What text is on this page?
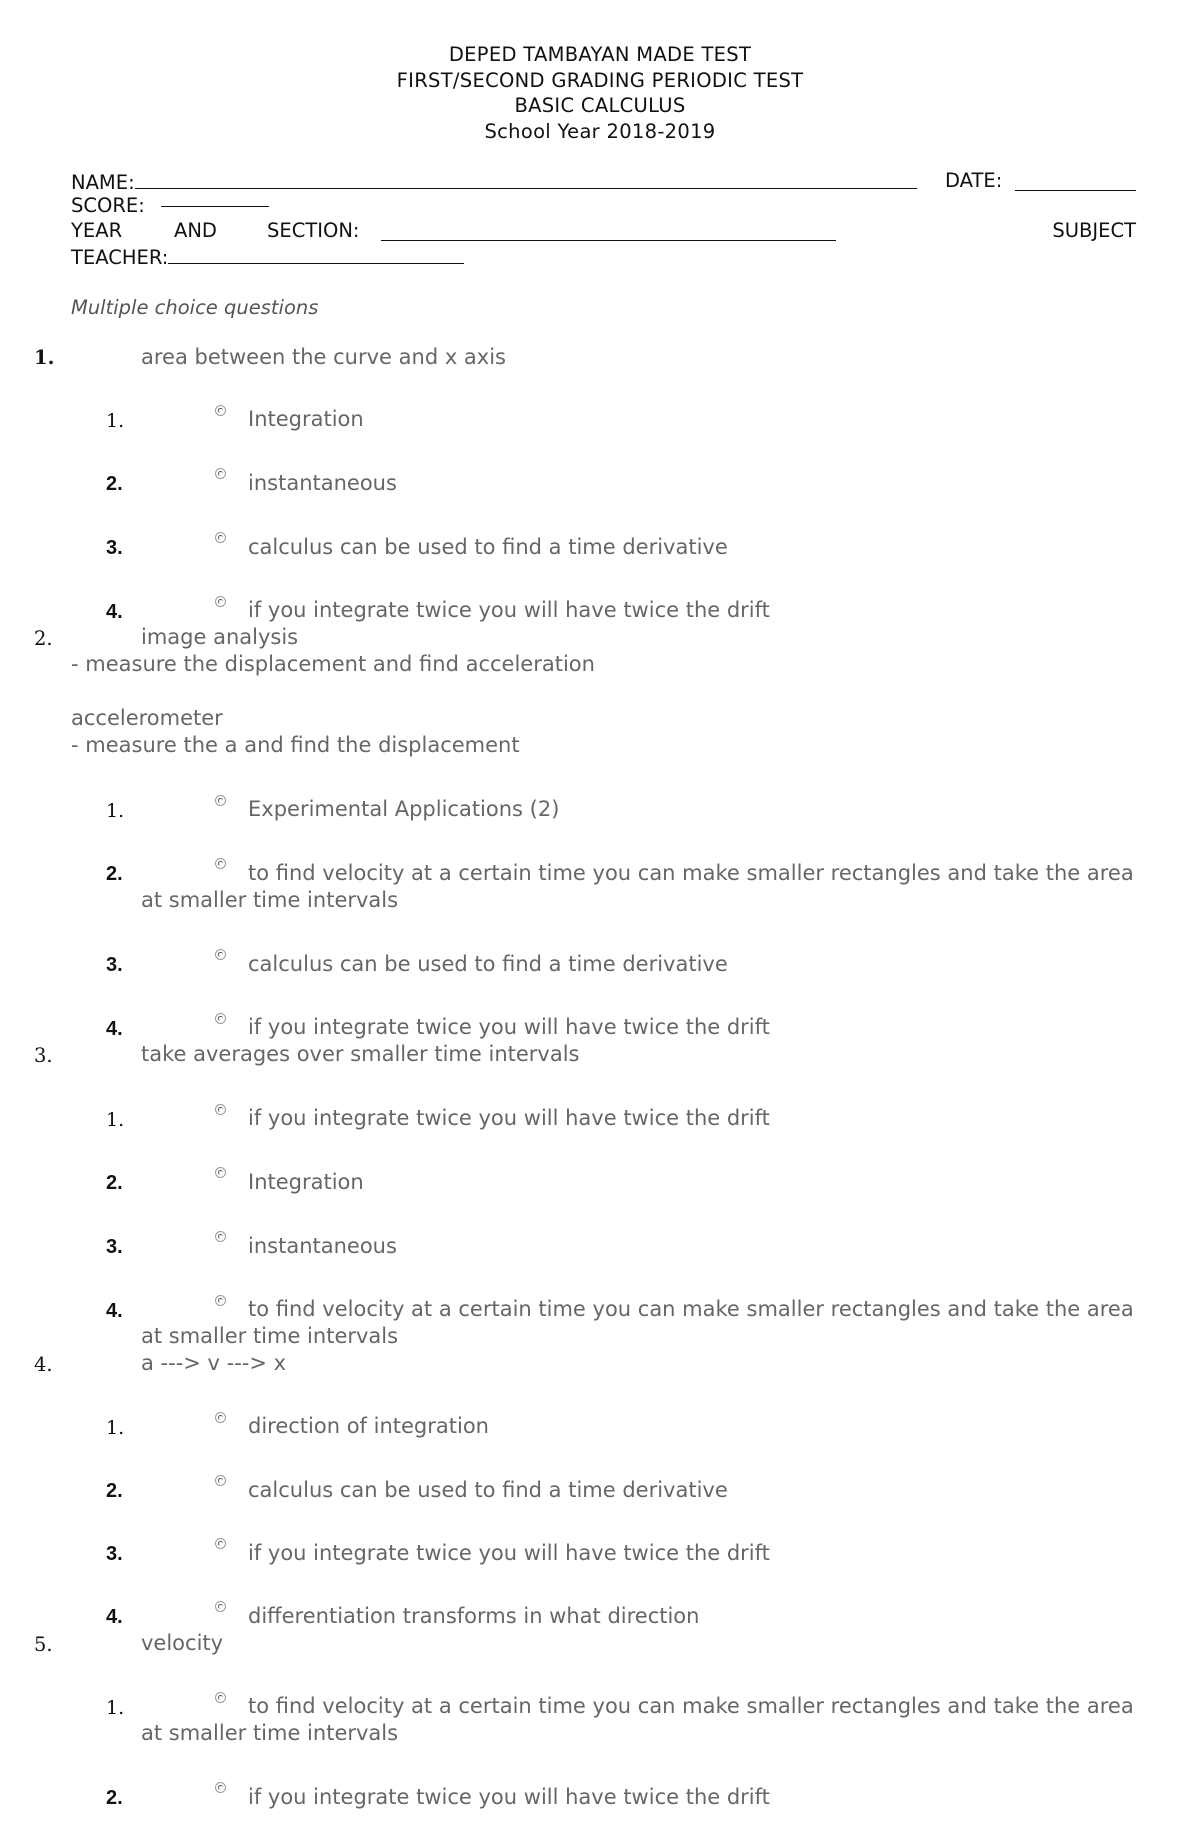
DEPED TAMBAYAN MADE TEST
FIRST/SECOND GRADING PERIODIC TEST
BASIC CALCULUS
School Year 2018-2019
NAME:	DATE:
SCORE:
YEAR	AND	SECTION:	SUBJECT
TEACHER:
Multiple choice questions
1.	area between the curve and x axis
1.	Integration
2.	instantaneous
3.	calculus can be used to find a time derivative
4.	if you integrate twice you will have twice the drift
2.	image analysis
- measure the displacement and find acceleration
accelerometer
- measure the a and find the displacement
1.	Experimental Applications (2)
2.	to find velocity at a certain time you can make smaller rectangles and take the area
at smaller time intervals
3.	calculus can be used to find a time derivative
4.	if you integrate twice you will have twice the drift
3.	take averages over smaller time intervals
1.	if you integrate twice you will have twice the drift
2.	Integration
3.	instantaneous
4.	to find velocity at a certain time you can make smaller rectangles and take the area
at smaller time intervals
4.	a ---> v ---> x
1.	direction of integration
2.	calculus can be used to find a time derivative
3.	if you integrate twice you will have twice the drift
4.	differentiation transforms in what direction
5.	velocity
1.	to find velocity at a certain time you can make smaller rectangles and take the area
at smaller time intervals
2.	if you integrate twice you will have twice the drift
